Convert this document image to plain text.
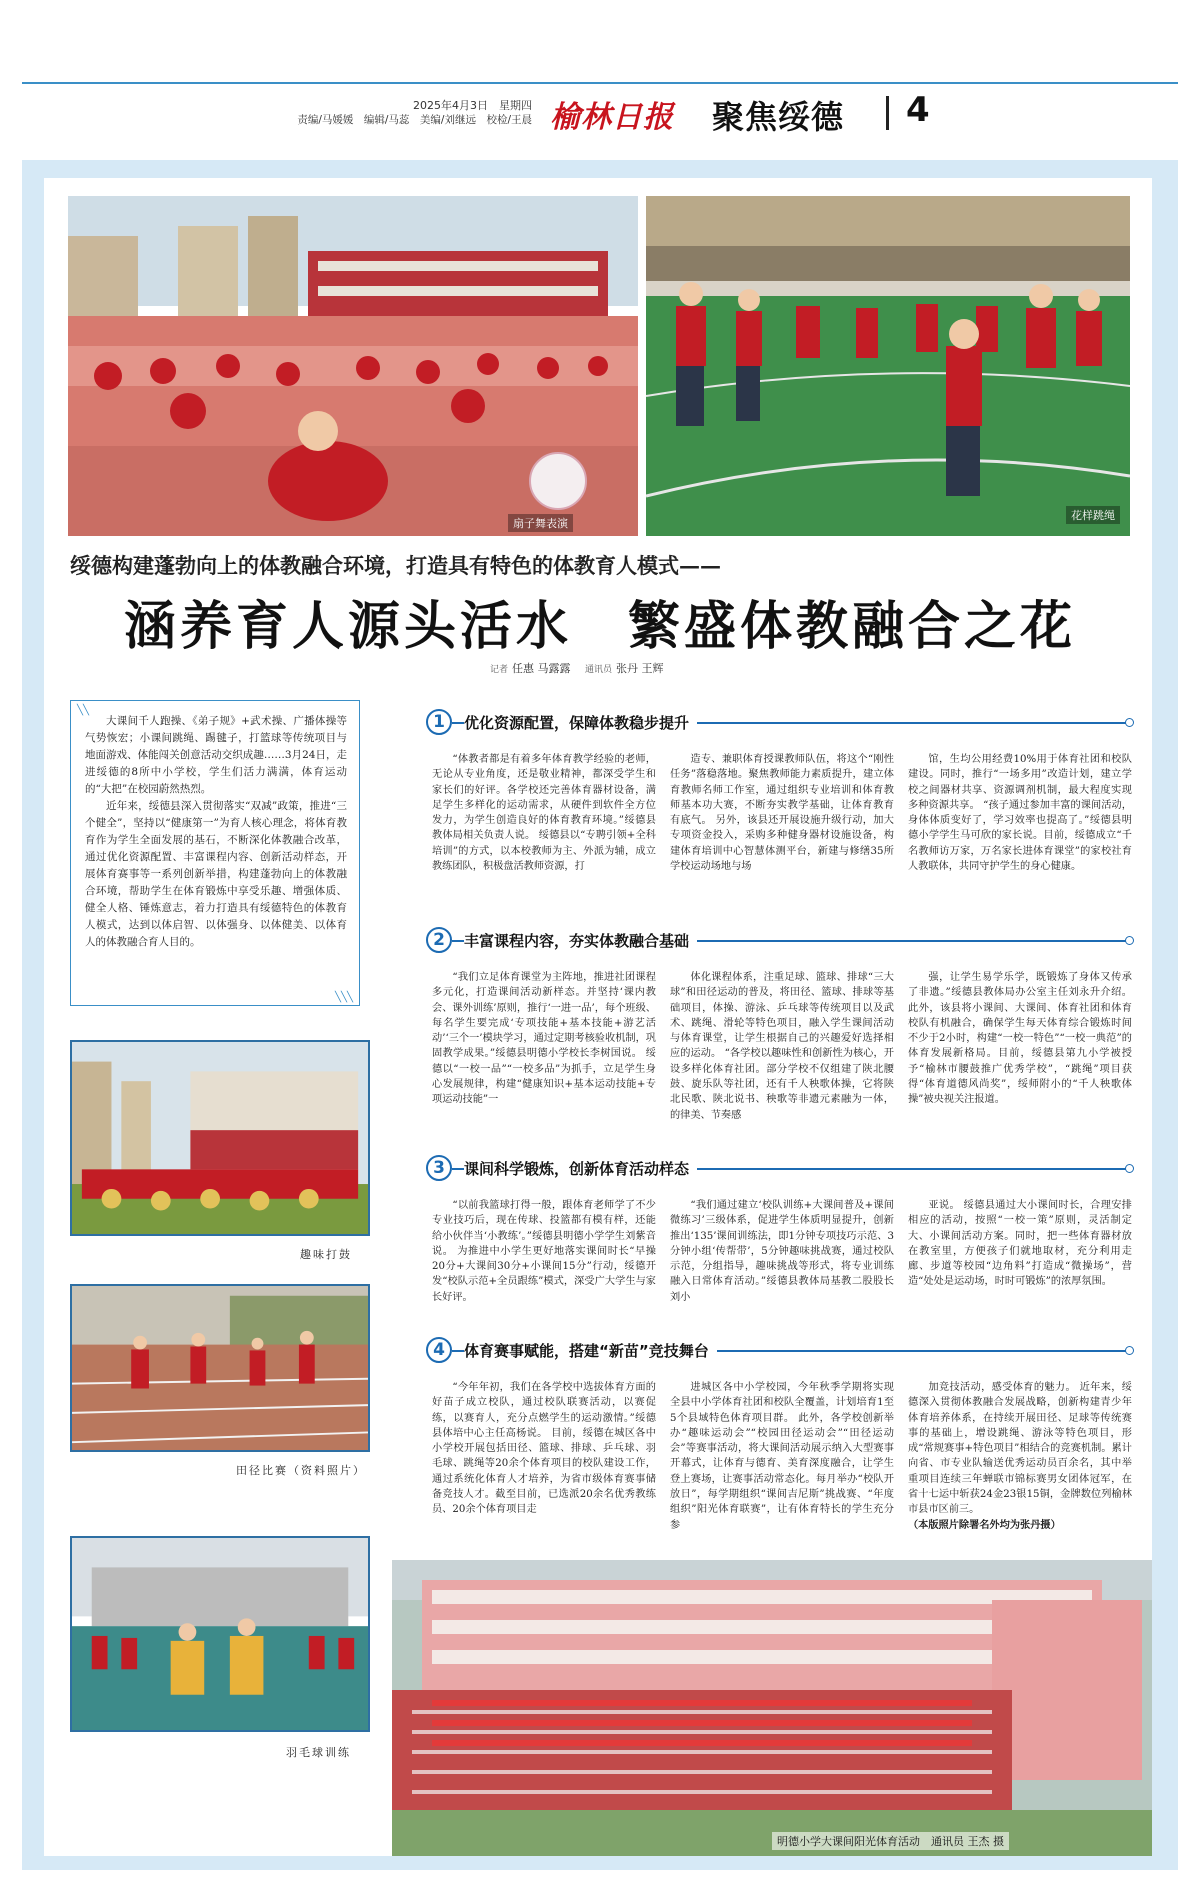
2025年4月3日　星期四
责编/马媛媛　编辑/马蕊　美编/刘继远　校检/王晨 榆林日报 聚焦绥德 4
扇子舞表演
花样跳绳
绥德构建蓬勃向上的体教融合环境，打造具有特色的体教育人模式——
涵养育人源头活水　繁盛体教融合之花
记者 任惠 马露露 　 通讯员 张丹 王辉
╲╲

大课间千人跑操、《弟子规》+武术操、广播体操等气势恢宏；小课间跳绳、踢毽子，打篮球等传统项目与地面游戏、体能闯关创意活动交织成趣……3月24日，走进绥德的8所中小学校，学生们活力满满，体育运动的“大把”在校园蔚然热烈。

近年来，绥德县深入贯彻落实“双减”政策，推进“三个健全”，坚持以“健康第一”为育人核心理念，将体育教育作为学生全面发展的基石，不断深化体教融合改革，通过优化资源配置、丰富课程内容、创新活动样态，开展体育赛事等一系列创新举措，构建蓬勃向上的体教融合环境，帮助学生在体育锻炼中享受乐趣、增强体质、健全人格、锤炼意志，着力打造具有绥德特色的体教育人模式，达到以体启智、以体强身、以体健美、以体育人的体教融合育人目的。

╲╲╲
趣味打鼓
田径比赛（资料照片）
羽毛球训练
1	优化资源配置，保障体教稳步提升

“体教者都是有着多年体育教学经验的老师，无论从专业角度，还是敬业精神，都深受学生和家长们的好评。各学校还完善体育器材设备，满足学生多样化的运动需求，从硬件到软件全方位发力，为学生创造良好的体育教育环境。”绥德县教体局相关负责人说。 绥德县以“专聘引领+全科培训”的方式，以本校教师为主、外派为辅，成立教练团队，积极盘活教师资源，打

造专、兼职体育授课教师队伍，将这个“刚性任务”落稳落地。聚焦教师能力素质提升，建立体育教师名师工作室，通过组织专业培训和体育教师基本功大赛，不断夯实教学基础，让体育教育有底气。 另外，该县还开展设施升级行动，加大专项资金投入，采购多种健身器材设施设备，构建体育培训中心智慧体测平台，新建与修缮35所学校运动场地与场

馆，生均公用经费10%用于体育社团和校队建设。同时，推行“一场多用”改造计划，建立学校之间器材共享、资源调剂机制，最大程度实现多种资源共享。 “孩子通过参加丰富的课间活动，身体体质变好了，学习效率也提高了。”绥德县明德小学学生马可欣的家长说。目前，绥德成立“千名教师访万家，万名家长进体育课堂”的家校社育人教联体，共同守护学生的身心健康。

2	丰富课程内容，夯实体教融合基础

“我们立足体育课堂为主阵地，推进社团课程多元化，打造课间活动新样态。并坚持‘课内教会、课外训练’原则，推行‘一进一品’，每个班级、每名学生要完成‘专项技能+基本技能+游艺活动’‘三个一’模块学习，通过定期考核验收机制，巩固教学成果。”绥德县明德小学校长李树国说。 绥德以“一校一品”“一校多品”为抓手，立足学生身心发展规律，构建“健康知识+基本运动技能+专项运动技能”一

体化课程体系，注重足球、篮球、排球“三大球”和田径运动的普及，将田径、篮球、排球等基础项目，体操、游泳、乒乓球等传统项目以及武术、跳绳、滑轮等特色项目，融入学生课间活动与体育课堂，让学生根据自己的兴趣爱好选择相应的运动。 “各学校以趣味性和创新性为核心，开设多样化体育社团。部分学校不仅组建了陕北腰鼓、旋乐队等社团，还有千人秧歌体操，它将陕北民歌、陕北说书、秧歌等非遗元素融为一体，的律美、节奏感

强，让学生易学乐学，既锻炼了身体又传承了非遗。”绥德县教体局办公室主任刘永升介绍。 此外，该县将小课间、大课间、体育社团和体育校队有机融合，确保学生每天体育综合锻炼时间不少于2小时，构建“一校一特色”“一校一典范”的体育发展新格局。目前，绥德县第九小学被授予“榆林市腰鼓推广优秀学校”，“跳绳”项目获得“体育道德风尚奖”，绥师附小的“千人秧歌体操”被央视关注报道。

3	课间科学锻炼，创新体育活动样态

“以前我篮球打得一般，跟体育老师学了不少专业技巧后，现在传球、投篮都有模有样，还能给小伙伴当‘小教练’。”绥德县明德小学学生刘紫音说。 为推进中小学生更好地落实课间时长“早操20分+大课间30分+小课间15分”行动，绥德开发“校队示范+全员跟练”模式，深受广大学生与家长好评。

“我们通过建立‘校队训练+大课间普及+课间微练习’三级体系，促进学生体质明显提升，创新推出‘135’课间训练法，即1分钟专项技巧示范、3分钟小组‘传帮带’，5分钟趣味挑战赛，通过校队示范，分组指导，趣味挑战等形式，将专业训练融入日常体育活动。”绥德县教体局基教二股股长刘小

亚说。 绥德县通过大小课间时长，合理安排相应的活动，按照“一校一策”原则，灵活制定大、小课间活动方案。同时，把一些体育器材放在教室里，方便孩子们就地取材，充分利用走廊、步道等校园“边角料”打造成“微操场”，营造“处处是运动场，时时可锻炼”的浓厚氛围。

4	体育赛事赋能，搭建“新苗”竞技舞台

“今年年初，我们在各学校中选拔体育方面的好苗子成立校队，通过校队联赛活动，以赛促练，以赛育人，充分点燃学生的运动激情。”绥德县体培中心主任高杨说。 目前，绥德在城区各中小学校开展包括田径、篮球、排球、乒乓球、羽毛球、跳绳等20余个体育项目的校队建设工作，通过系统化体育人才培养，为省市级体育赛事储备竞技人才。截至目前，已选派20余名优秀教练员、20余个体育项目走

进城区各中小学校园，今年秋季学期将实现全县中小学体育社团和校队全覆盖，计划培育1至5个县域特色体育项目群。 此外，各学校创新举办“趣味运动会”“校园田径运动会”“田径运动会”等赛事活动，将大课间活动展示纳入大型赛事开幕式，让体育与德育、美育深度融合，让学生登上赛场，让赛事活动常态化。每月举办“校队开放日”，每学期组织“课间吉尼斯”挑战赛、“年度组织”阳光体育联赛”，让有体育特长的学生充分参

加竞技活动，感受体育的魅力。 近年来，绥德深入贯彻体教融合发展战略，创新构建青少年体育培养体系，在持续开展田径、足球等传统赛事的基础上，增设跳绳、游泳等特色项目，形成“常规赛事+特色项目”相结合的竞赛机制。累计向省、市专业队输送优秀运动员百余名，其中举重项目连续三年蝉联市锦标赛男女团体冠军，在省十七运中斩获24金23银15铜，金牌数位列榆林市县市区前三。
（本版照片除署名外均为张丹摄）

明德小学大课间阳光体育活动　通讯员 王杰 摄
